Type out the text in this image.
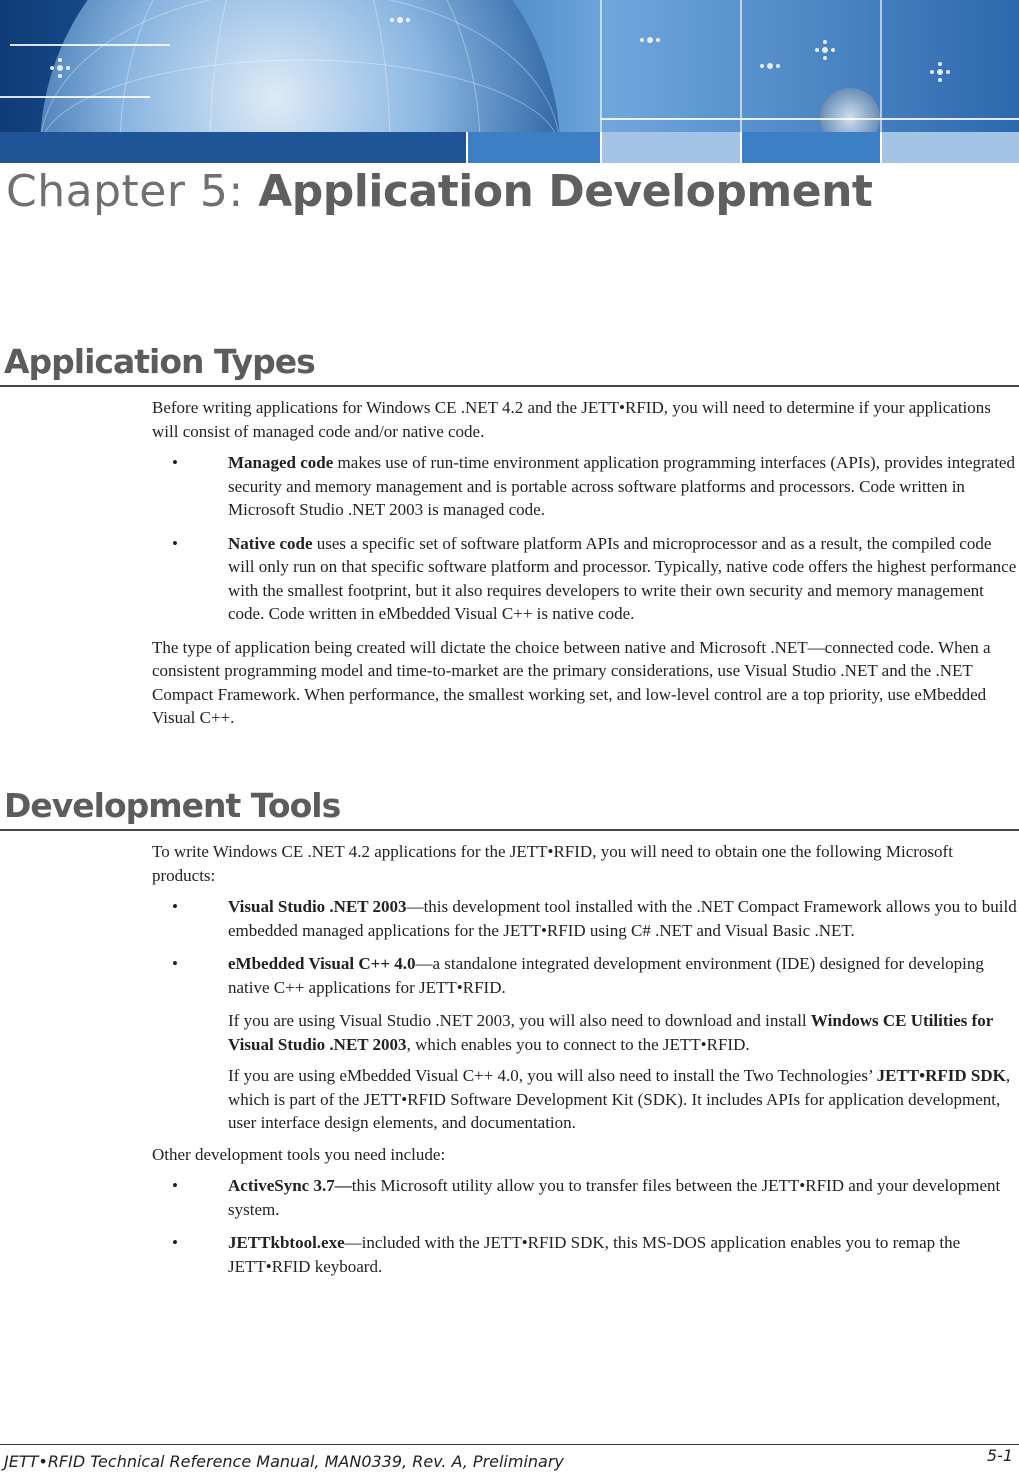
Chapter 5: Application Development
Application Types

Before writing applications for Windows CE .NET 4.2 and the JETT•RFID, you will need to determine if your applications will consist of managed code and/or native code.

•	Managed code makes use of run-time environment application programming interfaces (APIs), provides integrated security and memory management and is portable across software platforms and processors. Code written in Microsoft Studio .NET 2003 is managed code.
•	Native code uses a specific set of software platform APIs and microprocessor and as a result, the compiled code will only run on that specific software platform and processor. Typically, native code offers the highest performance with the smallest footprint, but it also requires developers to write their own security and memory management code. Code written in eMbedded Visual C++ is native code.

The type of application being created will dictate the choice between native and Microsoft .NET—connected code. When a consistent programming model and time-to-market are the primary considerations, use Visual Studio .NET and the .NET Compact Framework. When performance, the smallest working set, and low-level control are a top priority, use eMbedded Visual C++.

Development Tools

To write Windows CE .NET 4.2 applications for the JETT•RFID, you will need to obtain one the following Microsoft products:

•	Visual Studio .NET 2003—this development tool installed with the .NET Compact Framework allows you to build embedded managed applications for the JETT•RFID using C# .NET and Visual Basic .NET.
•	eMbedded Visual C++ 4.0—a standalone integrated development environment (IDE) designed for developing native C++ applications for JETT•RFID.

If you are using Visual Studio .NET 2003, you will also need to download and install Windows CE Utilities for Visual Studio .NET 2003, which enables you to connect to the JETT•RFID.

If you are using eMbedded Visual C++ 4.0, you will also need to install the Two Technologies’ JETT•RFID SDK, which is part of the JETT•RFID Software Development Kit (SDK). It includes APIs for application development, user interface design elements, and documentation.

Other development tools you need include:

•	ActiveSync 3.7—this Microsoft utility allow you to transfer files between the JETT•RFID and your development system.
•	JETTkbtool.exe—included with the JETT•RFID SDK, this MS-DOS application enables you to remap the JETT•RFID keyboard.
JETT•RFID Technical Reference Manual, MAN0339, Rev. A, Preliminary	5-1
